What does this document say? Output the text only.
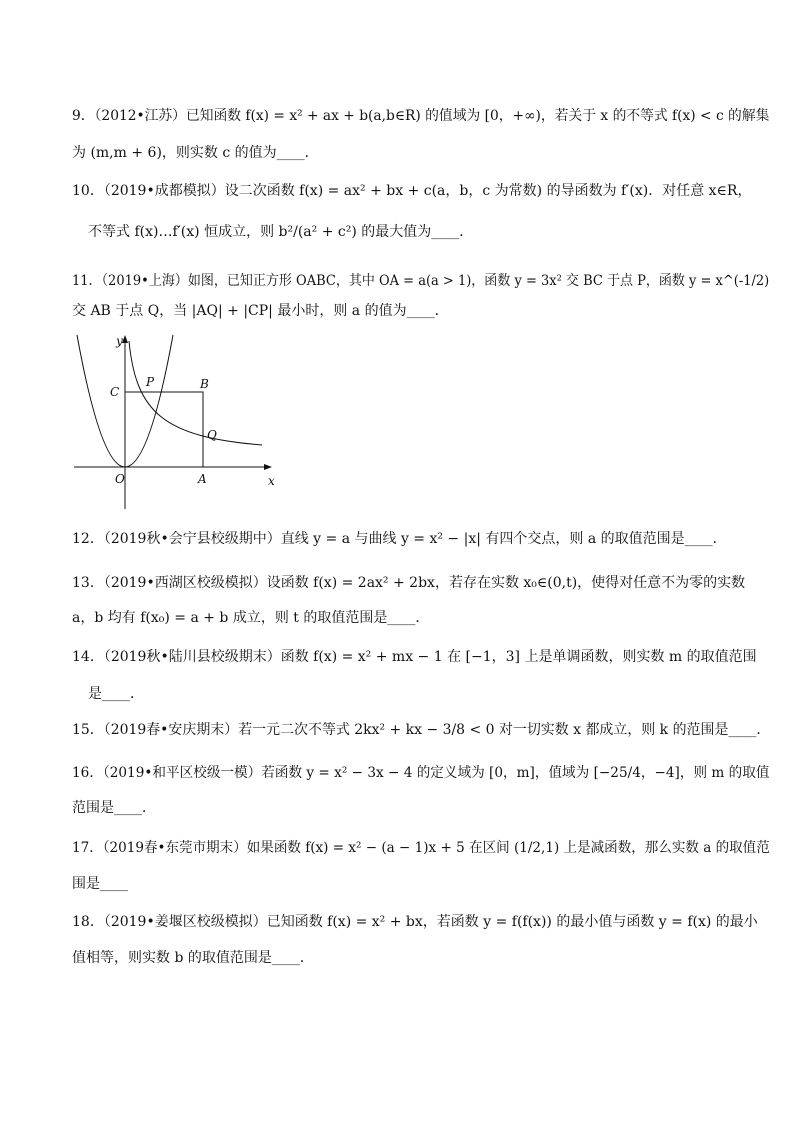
9．（2012•江苏）已知函数 f(x) = x² + ax + b(a,b∈R) 的值域为 [0，+∞)，若关于 x 的不等式 f(x) < c 的解集
为 (m,m + 6)，则实数 c 的值为____．
10．（2019•成都模拟）设二次函数 f(x) = ax² + bx + c(a，b，c 为常数) 的导函数为 f′(x)．对任意 x∈R，
不等式 f(x)…f′(x) 恒成立，则 b²/(a² + c²) 的最大值为____．
11．（2019•上海）如图，已知正方形 OABC，其中 OA = a(a > 1)，函数 y = 3x² 交 BC 于点 P，函数 y = x^(-1/2)
交 AB 于点 Q，当 |AQ| + |CP| 最小时，则 a 的值为____．
y
x
O	A
B
C
P
Q
12．（2019秋•会宁县校级期中）直线 y = a 与曲线 y = x² − |x| 有四个交点，则 a 的取值范围是____．
13．（2019•西湖区校级模拟）设函数 f(x) = 2ax² + 2bx，若存在实数 x₀∈(0,t)，使得对任意不为零的实数
a，b 均有 f(x₀) = a + b 成立，则 t 的取值范围是____．
14．（2019秋•陆川县校级期末）函数 f(x) = x² + mx − 1 在 [−1，3] 上是单调函数，则实数 m 的取值范围
是____．
15．（2019春•安庆期末）若一元二次不等式 2kx² + kx − 3/8 < 0 对一切实数 x 都成立，则 k 的范围是____．
16．（2019•和平区校级一模）若函数 y = x² − 3x − 4 的定义域为 [0，m]，值域为 [−25/4，−4]，则 m 的取值
范围是____．
17．（2019春•东莞市期末）如果函数 f(x) = x² − (a − 1)x + 5 在区间 (1/2,1) 上是减函数，那么实数 a 的取值范
围是____
18．（2019•姜堰区校级模拟）已知函数 f(x) = x² + bx，若函数 y = f(f(x)) 的最小值与函数 y = f(x) 的最小
值相等，则实数 b 的取值范围是____．
